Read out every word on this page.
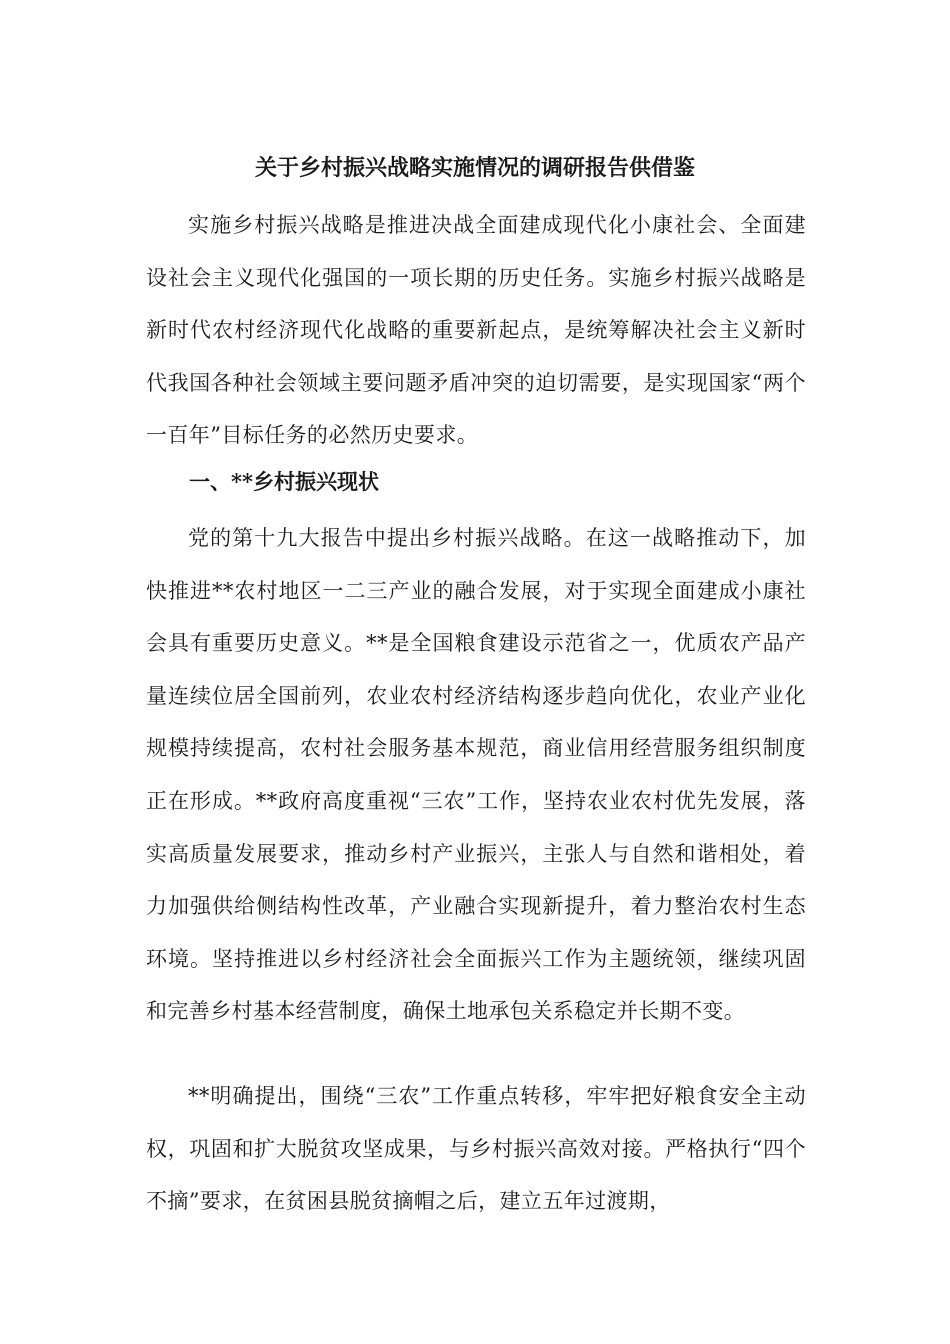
关于乡村振兴战略实施情况的调研报告供借鉴
实施乡村振兴战略是推进决战全面建成现代化小康社会、全面建设社会主义现代化强国的一项长期的历史任务。实施乡村振兴战略是新时代农村经济现代化战略的重要新起点，是统筹解决社会主义新时代我国各种社会领域主要问题矛盾冲突的迫切需要，是实现国家“两个一百年”目标任务的必然历史要求。
一、**乡村振兴现状
党的第十九大报告中提出乡村振兴战略。在这一战略推动下，加快推进**农村地区一二三产业的融合发展，对于实现全面建成小康社会具有重要历史意义。**是全国粮食建设示范省之一，优质农产品产量连续位居全国前列，农业农村经济结构逐步趋向优化，农业产业化规模持续提高，农村社会服务基本规范，商业信用经营服务组织制度正在形成。**政府高度重视“三农”工作，坚持农业农村优先发展，落实高质量发展要求，推动乡村产业振兴，主张人与自然和谐相处，着力加强供给侧结构性改革，产业融合实现新提升，着力整治农村生态环境。坚持推进以乡村经济社会全面振兴工作为主题统领，继续巩固和完善乡村基本经营制度，确保土地承包关系稳定并长期不变。
**明确提出，围绕“三农”工作重点转移，牢牢把好粮食安全主动权，巩固和扩大脱贫攻坚成果，与乡村振兴高效对接。严格执行“四个不摘”要求，在贫困县脱贫摘帽之后，建立五年过渡期，
